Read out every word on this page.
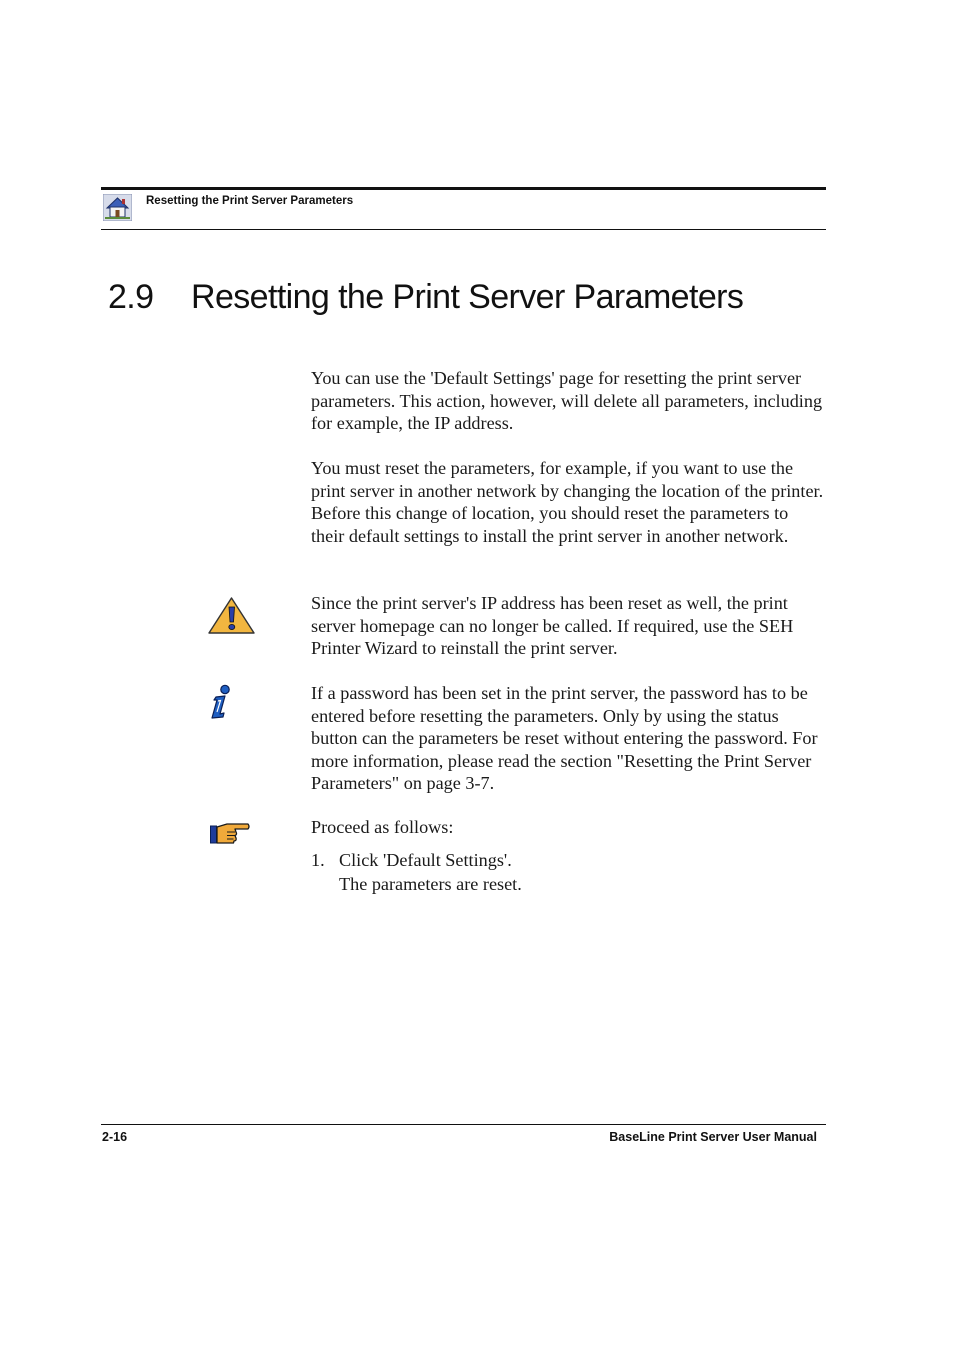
Resetting the Print Server Parameters
2.9 Resetting the Print Server Parameters

You can use the 'Default Settings' page for resetting the print server parameters. This action, however, will delete all parameters, including for example, the IP address.

You must reset the parameters, for example, if you want to use the print server in another network by changing the location of the printer. Before this change of location, you should reset the parameters to their default settings to install the print server in another network.

Since the print server's IP address has been reset as well, the print server homepage can no longer be called. If required, use the SEH Printer Wizard to reinstall the print server.

If a password has been set in the print server, the password has to be entered before resetting the parameters. Only by using the status button can the parameters be reset without entering the password. For more information, please read the section "Resetting the Print Server Parameters" on page 3-7.

Proceed as follows:

1. Click 'Default Settings'.
The parameters are reset.
2-16	BaseLine Print Server User Manual
